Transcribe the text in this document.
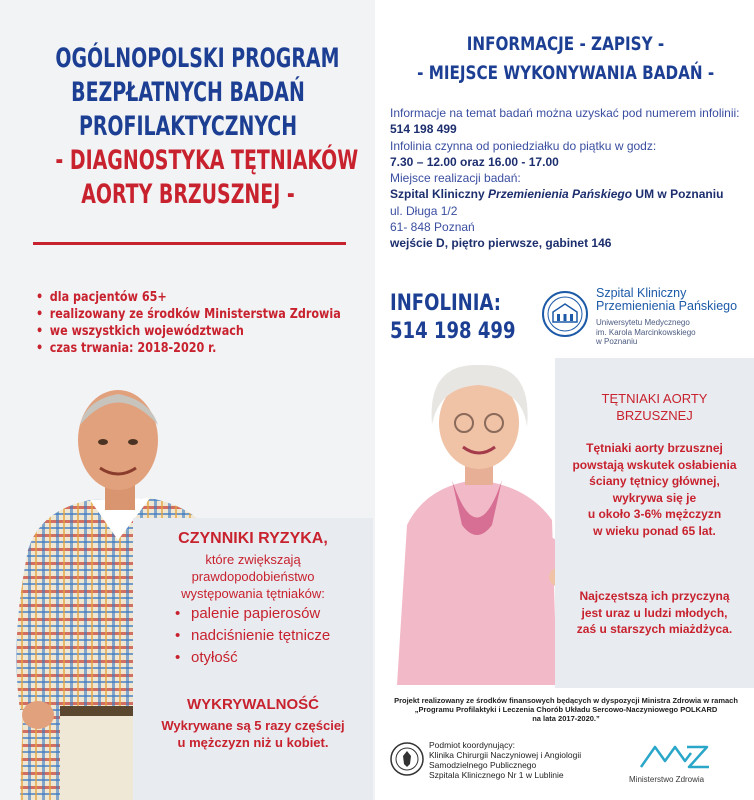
OGÓLNOPOLSKI PROGRAM
BEZPŁATNYCH BADAŃ
PROFILAKTYCZNYCH
- DIAGNOSTYKA TĘTNIAKÓW
AORTY BRZUSZNEJ -
• dla pacjentów 65+
• realizowany ze środków Ministerstwa Zdrowia
• we wszystkich województwach
• czas trwania: 2018-2020 r.
CZYNNIKI RYZYKA,
które zwiększają
prawdopodobieństwo
występowania tętniaków:
• palenie papierosów
• nadciśnienie tętnicze
• otyłość
WYKRYWALNOŚĆ
Wykrywane są 5 razy częściej
u mężczyzn niż u kobiet.
INFORMACJE - ZAPISY -
- MIEJSCE WYKONYWANIA BADAŃ -
Informacje na temat badań można uzyskać pod numerem infolinii:
514 198 499
Infolinia czynna od poniedziałku do piątku w godz:
7.30 – 12.00 oraz 16.00 - 17.00
Miejsce realizacji badań:
Szpital Kliniczny Przemienienia Pańskiego UM w Poznaniu
ul. Długa 1/2
61- 848 Poznań
wejście D, piętro pierwsze, gabinet 146
INFOLINIA:
514 198 499
Szpital Kliniczny
Przemienienia Pańskiego
Uniwersytetu Medycznego
im. Karola Marcinkowskiego
w Poznaniu
TĘTNIAKI AORTY
BRZUSZNEJ
Tętniaki aorty brzusznej
powstają wskutek osłabienia
ściany tętnicy głównej,
wykrywa się je
u około 3-6% mężczyzn
w wieku ponad 65 lat.
Najczęstszą ich przyczyną
jest uraz u ludzi młodych,
zaś u starszych miażdżyca.
Projekt realizowany ze środków finansowych będących w dyspozycji Ministra Zdrowia w ramach
„Programu Profilaktyki i Leczenia Chorób Układu Sercowo-Naczyniowego POLKARD
na lata 2017-2020.”
Podmiot koordynujący:
Klinika Chirurgii Naczyniowej i Angiologii
Samodzielnego Publicznego
Szpitala Klinicznego Nr 1 w Lublinie	Ministerstwo Zdrowia
